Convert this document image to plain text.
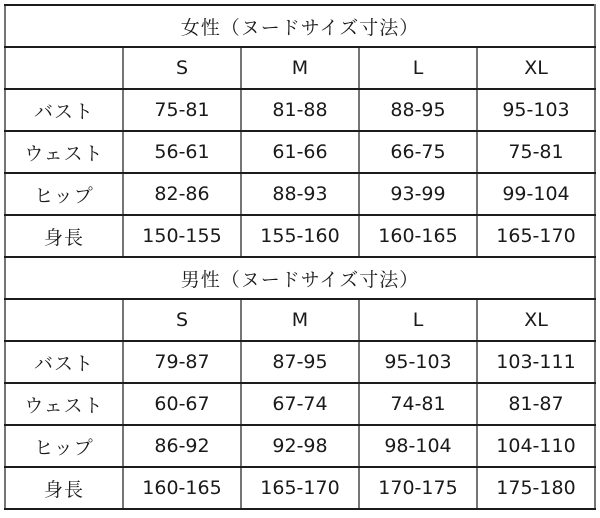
女性（ヌードサイズ寸法）				
	S	M	L	XL
バスト	75-81	81-88	88-95	95-103
ウェスト	56-61	61-66	66-75	75-81
ヒップ	82-86	88-93	93-99	99-104
身長	150-155	155-160	160-165	165-170
男性（ヌードサイズ寸法）				
	S	M	L	XL
バスト	79-87	87-95	95-103	103-111
ウェスト	60-67	67-74	74-81	81-87
ヒップ	86-92	92-98	98-104	104-110
身長	160-165	165-170	170-175	175-180
